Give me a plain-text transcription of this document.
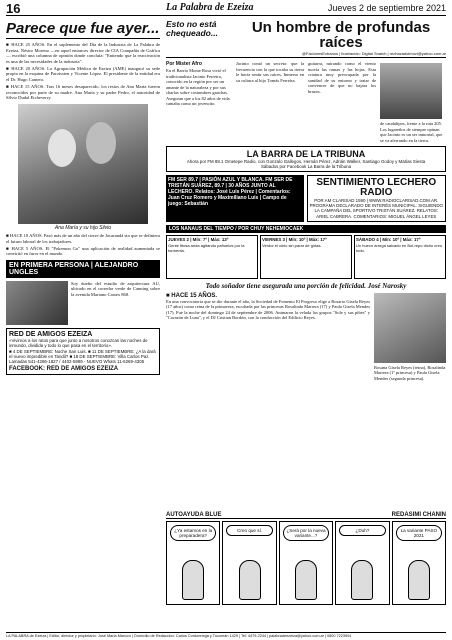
16	La Palabra de Ezeiza	Jueves 2 de septiembre 2021
Parece que fue ayer...

■ HACE 25 AÑOS. En el suplemento del Día de la Industria de La Palabra de Ezeiza, Néstor Moreno —en aquel entonces director de CIA Compañía de Gráfica— escribió una columna de opinión donde concluía: "Entiendo que la reactivación es una de las necesidades de la industria".

■ HACE 20 AÑOS. La Agrupación Médica de Ezeiza (AME) inauguró su sede propia en la esquina de Paroissien y Vicente López. El presidente de la entidad era el Dr. Hugo Cantero.

■ HACE 15 AÑOS. Tras 16 meses desaparecido, los restos de Ana María fueron reconocidos por parte de su madre. Ana María y su padre Pedro, el autoridad de Sílvio Dudal Etcheverry.

Ana María y su hijo Silvio

■ HACE 10 AÑOS. Pasó más de un año del cierre de Jacarandá sin que se definiera el futuro laboral de los trabajadores.

■ HACE 5 AÑOS. El "Pokemon Go" una aplicación de realidad aumentada se convirtió en furor en el mundo.

EN PRIMERA PERSONA | ALEJANDRO UNGLES
Soy dueño del estudio de arquitectura AU, ubicado en el corredor verde de Canning sobre la avenida Mariano Castex 868.
RED DE AMIGOS EZEIZA
«Vivimos a los ratos para que junto a nosotros conozcan las noches de inmundo, dividida y todo lo que pasa en el territorio».
■ 4 DE SEPTIEMBRE: Noche San Luis. ■ 11 DE SEPTIEMBRE: ¿A la dará el nuevo impredible en Tandil? ■ 18 DE SEPTIEMBRE: Villa Carlos Paz.
Lamadas 541-4286-1827 / 4402-5989 - NUEVO Whats 11-6269-4305
FACEBOOK: RED DE AMIGOS EZEIZA
Esto no está chequeado...	Un hombre de profundas raíces
@FacionesExtranos | Ilustración: Digital Snatch | rechazadoimovi@yahoo.com.ar
Por Mister Afro
En el Barrio Monte Rosa vivió el tradicionalista Jacinto Ferreira, conocido en la región por ser un amante de la naturaleza y por sus charlas sobre costumbres gauchas. Aseguran que a los 82 años de vida cantaba como un jovencito.
Jacinto contó un secreto: que la frecuencia con la que tocaba su tierra le hacía sentir sus raíces. Inmerso en su cultura al hijo Tomás Ferreira.
guitarra, mirando como el viento movía las ramas y las hojas. Esta criatura muy preocupada por la sanidad de su entorno y tratar de convencer de que no bajara los brazos.
de caudalipos, frente a la ruta 205. Los lugareños de siempre opinan que Jacinto es un ser inmortal, que se va aferrando en la tierra.
LA BARRA DE LA TRIBUNA
Ahora por FM 88.1 Ometepe Radio, con Gonzalo Gallegos, Hernán Pérez, Adrián Walker, Santiago Godoy y Matías Siesta
Sábados por Facebook La Barra de la Tribuna
FM SER 89.7 | PASIÓN AZUL Y BLANCA. FM SER DE TRISTÁN SUÁREZ, 89.7 | 30 AÑOS JUNTO AL LECHERO. Relatos: José Luis Pérez | Comentarios: Juan Cruz Romero y Maximiliano Luis | Campo de juego: Sebastián
SENTIMIENTO LECHERO RADIO
POR AM CLARISAD 1590 | WWW.RADIOCLARISAD.COM.AR. PROGRAMA DECLARADO DE INTERÉS MUNICIPAL. SIGUIENDO LA CAMPAÑA DEL SPORTIVO TRISTÁN SUÁREZ. RELATOS: ARIEL CABRERA. COMENTARIOS: MIGUEL ÁNGEL LEYES
LOS NANAUS DEL TIEMPO / POR CHUY NEHEMIOCAEK
JUEVES 2 | Mín: 7º | Máx: 13º
Gente fitosa anda agitando pañuelos por la tormenta.
VIERNES 3 | Mín: 10º | Máx: 17º
Verdor el cielo sin parar de gotas.
SÁBADO 4 | Mín: 10º | Máx: 17º
Un huevo arrega salvado en Bol-repo dicho creo todo.
Todo soñador tiene asegurada una porción de felicidad. José Narosky
■ HACE 15 AÑOS.
En una convocatoria que se dio durante el año, la Sociedad de Fomento El Progreso elige a Rosario Gisela Reyes (17 años) como reina de la primavera, escoltada por las princesas Rosalinda Marrera (17) y Paula Gisela Mendes (17). Fue la noche del domingo 24 de septiembre de 2006. Animaron la velada los grupos "Sole y sus pibes" y "Corazón de Luna", y el DJ Cristian Bordón, con la conducción del Edilicio Reyes.
Rosana Gisela Reyes (reina), Rosalinda Marrera (1º princesa) y Paula Gisela Mendes (segunda princesa).
AUTOAYUDA BLUE	REDASIMI CHANIN
¿Ya estamos en la preparadera?
Creo que sí.	¿Será por la nueva variante...?
¿Duh?	La variante PASO 2021
LA PALABRA de Ezeiza | Editor, director y propietario: José María Mancco | Domicilio de Redacción: Carlos Cordonnega y Tucumán 1429 | Tel: 4479-2244 | palabradeezeiza@yahoo.com.ar | 0800 7223904
